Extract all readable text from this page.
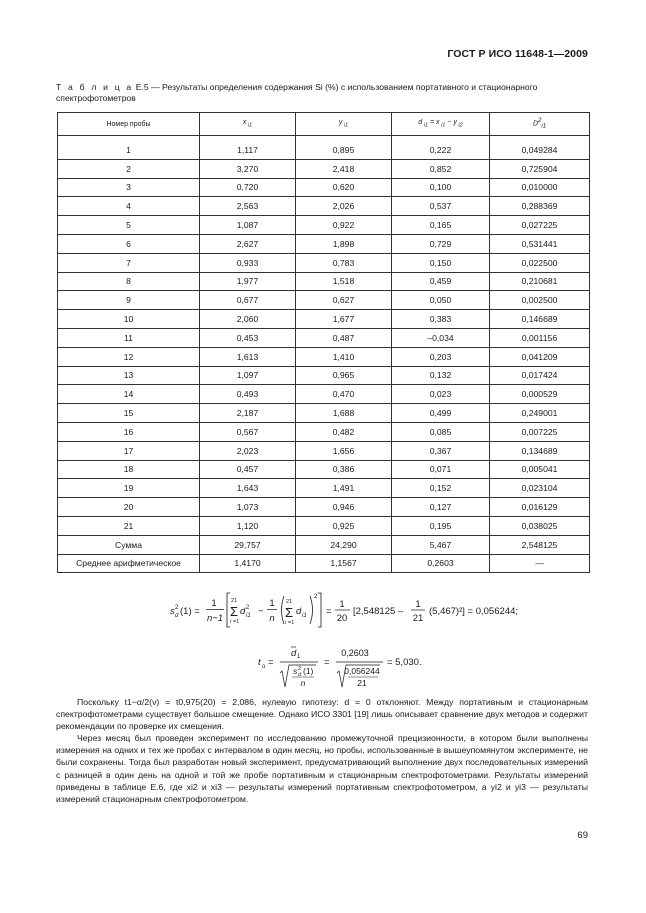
ГОСТ Р ИСО 11648-1—2009
Т а б л и ц а Е.5 — Результаты определения содержания Si (%) с использованием портативного и стационарного спектрофотометров
Номер пробы	x $_{i1}$	y $_{i1}$	d $_{i1}$ = x $_{i1}$ − y $_{i2}$	$D^2_{i1}$

1	1,117	0,895	0,222	0,049284
2	3,270	2,418	0,852	0,725904
3	0,720	0,620	0,100	0,010000
4	2,563	2,026	0,537	0,288369
5	1,087	0,922	0,165	0,027225
6	2,627	1,898	0,729	0,531441
7	0,933	0,783	0,150	0,022500
8	1,977	1,518	0,459	0,210681
9	0,677	0,627	0,050	0,002500
10	2,060	1,677	0,383	0,146689
11	0,453	0,487	–0,034	0,001156
12	1,613	1,410	0,203	0,041209
13	1,097	0,965	0,132	0,017424
14	0,493	0,470	0,023	0,000529
15	2,187	1,688	0,499	0,249001
16	0,567	0,482	0,085	0,007225
17	2,023	1,656	0,367	0,134689
18	0,457	0,386	0,071	0,005041
19	1,643	1,491	0,152	0,023104
20	1,073	0,946	0,127	0,016129
21	1,120	0,925	0,195	0,038025
Сумма	29,757	24,290	5,467	2,548125
Среднее арифметическое	1,4170	1,1567	0,2603	—
s 2
d (1) =
1
n−1
21
Σ
i =1
d 2
i1 −
1
n
21
Σ
i =1
d i1
2
=
1
20
[2,548125 –
1
21
(5,467)²] = 0,056244;
t o =
d 1
s 2
d (1)
n
=
0,2603
0,056244
21
= 5,030.
Поскольку t1−α/2(ν) = t0,975(20) = 2,086, нулевую гипотезу: d = 0 отклоняют. Между портативным и стационарным спектрофотометрами существует большое смещение. Однако ИСО 3301 [19] лишь описывает сравнение двух методов и содержит рекомендации по проверке их смещения.
Через месяц был проведен эксперимент по исследованию промежуточной прецизионности, в котором были выполнены измерения на одних и тех же пробах с интервалом в один месяц, но пробы, использованные в вышеупомянутом эксперименте, не были сохранены. Тогда был разработан новый эксперимент, предусматривающий выполнение двух последовательных измерений с разницей в один день на одной и той же пробе портативным и стационарным спектрофотометрами. Результаты измерений приведены в таблице Е.6, где xi2 и xi3 — результаты измерений портативным спектрофотометром, а yi2 и yi3 — результаты измерений стационарным спектрофотометром.
69
